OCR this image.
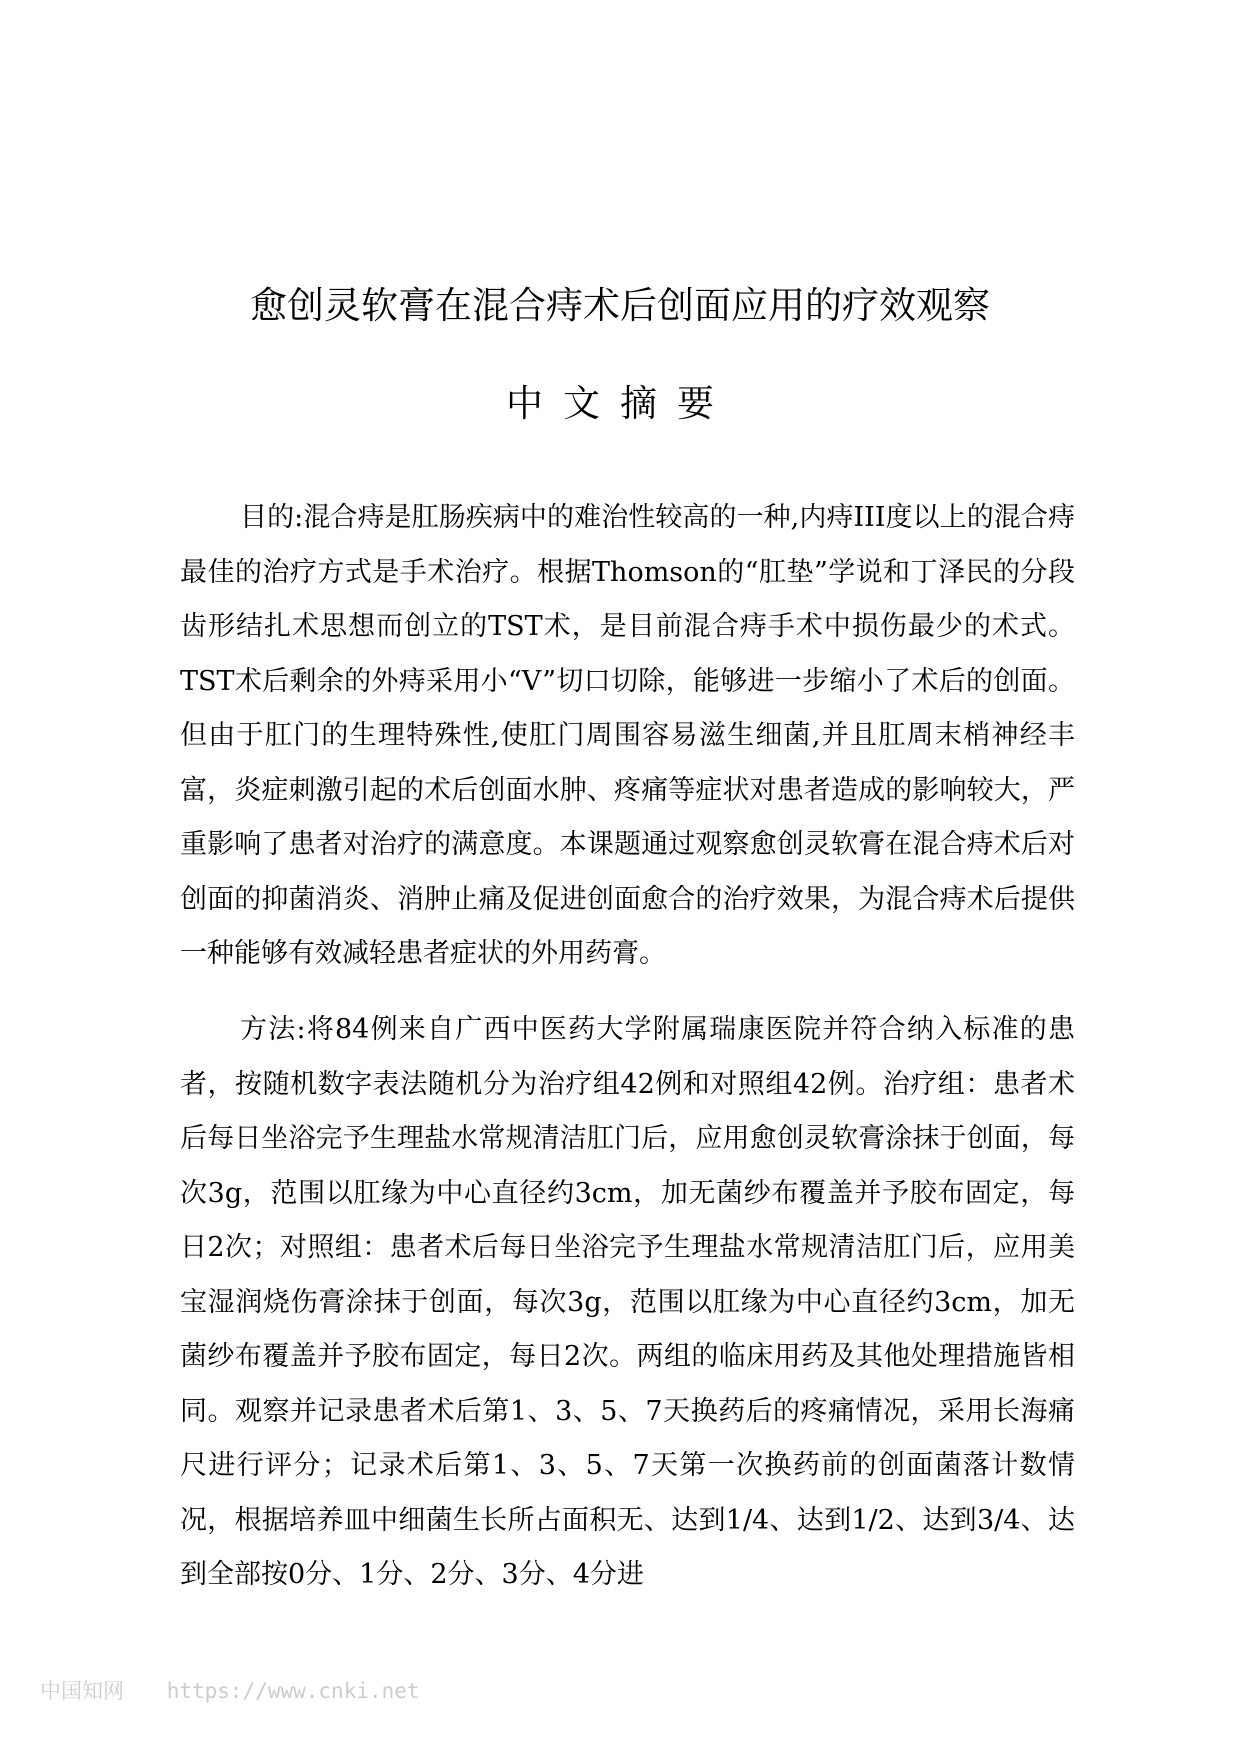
愈创灵软膏在混合痔术后创面应用的疗效观察
中文摘要

目的:混合痔是肛肠疾病中的难治性较高的一种,内痔III度以上的混合痔最佳的治疗方式是手术治疗。根据Thomson的“肛垫”学说和丁泽民的分段齿形结扎术思想而创立的TST术，是目前混合痔手术中损伤最少的术式。TST术后剩余的外痔采用小“V”切口切除，能够进一步缩小了术后的创面。但由于肛门的生理特殊性,使肛门周围容易滋生细菌,并且肛周末梢神经丰富，炎症刺激引起的术后创面水肿、疼痛等症状对患者造成的影响较大，严重影响了患者对治疗的满意度。本课题通过观察愈创灵软膏在混合痔术后对创面的抑菌消炎、消肿止痛及促进创面愈合的治疗效果，为混合痔术后提供一种能够有效减轻患者症状的外用药膏。

方法:将84例来自广西中医药大学附属瑞康医院并符合纳入标准的患者，按随机数字表法随机分为治疗组42例和对照组42例。治疗组：患者术后每日坐浴完予生理盐水常规清洁肛门后，应用愈创灵软膏涂抹于创面，每次3g，范围以肛缘为中心直径约3cm，加无菌纱布覆盖并予胶布固定，每日2次；对照组：患者术后每日坐浴完予生理盐水常规清洁肛门后，应用美宝湿润烧伤膏涂抹于创面，每次3g，范围以肛缘为中心直径约3cm，加无菌纱布覆盖并予胶布固定，每日2次。两组的临床用药及其他处理措施皆相同。观察并记录患者术后第1、3、5、7天换药后的疼痛情况，采用长海痛尺进行评分；记录术后第1、3、5、7天第一次换药前的创面菌落计数情况，根据培养皿中细菌生长所占面积无、达到1/4、达到1/2、达到3/4、达到全部按0分、1分、2分、3分、4分进

中国知网 https://www.cnki.net
